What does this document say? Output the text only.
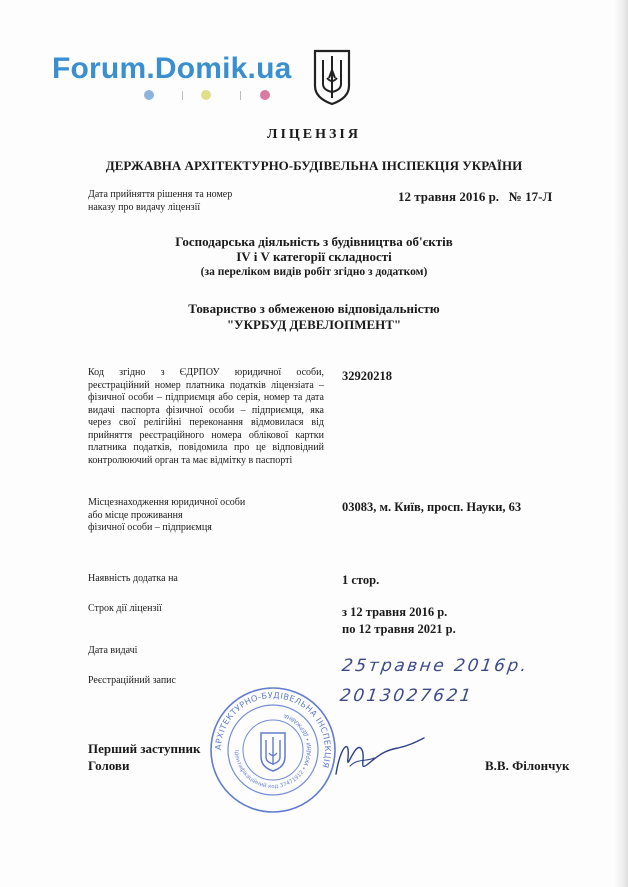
Forum.Domik.ua
ЛІЦЕНЗІЯ
ДЕРЖАВНА АРХІТЕКТУРНО-БУДІВЕЛЬНА ІНСПЕКЦІЯ УКРАЇНИ
Дата прийняття рішення та номер
наказу про видачу ліцензії
12 травня 2016 р.   № 17-Л
Господарська діяльність з будівництва об'єктів
IV і V категорії складності
(за переліком видів робіт згідно з додатком)
Товариство з обмеженою відповідальністю
"УКРБУД ДЕВЕЛОПМЕНТ"
Код згідно з ЄДРПОУ юридичної особи, реєстраційний номер платника податків ліцензіата – фізичної особи – підприємця або серія, номер та дата видачі паспорта фізичної особи – підприємця, яка через свої релігійні переконання відмовилася від прийняття реєстраційного номера облікової картки платника податків, повідомила про це відповідний контролюючий орган та має відмітку в паспорті
32920218
Місцезнаходження юридичної особи
або місце проживання
фізичної особи – підприємця
03083, м. Київ, просп. Науки, 63
Наявність додатка на	1 стор.
Строк дії ліцензії	з 12 травня 2016 р.
по 12 травня 2021 р.
Дата видачі
25травне 2016р.
Реєстраційний запис
2013027621
АРХІТЕКТУРНО-БУДІВЕЛЬНА ІНСПЕКЦІЯ
Ідентифікаційний код 37471912 • УКРАЇНИ • ДЕРЖАВНА
Перший заступник
Голови	В.В. Філончук
